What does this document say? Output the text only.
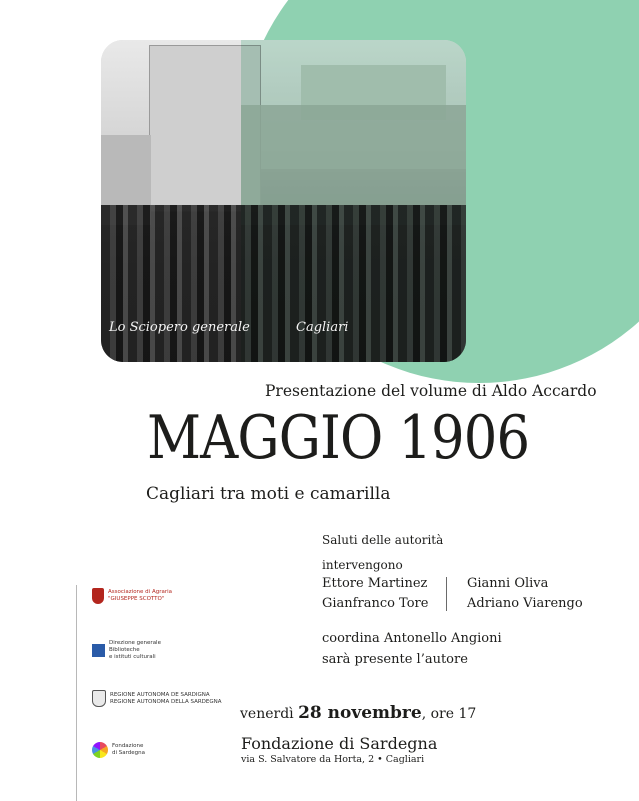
Lo Sciopero generale	Cagliari
Presentazione del volume di Aldo Accardo
MAGGIO 1906
Cagliari tra moti e camarilla
Saluti delle autorità
intervengono
Ettore Martinez
Gianfranco Tore
Gianni Oliva
Adriano Viarengo
coordina Antonello Angioni
sarà presente l’autore
venerdì 28 novembre, ore 17
Fondazione di Sardegna
via S. Salvatore da Horta, 2 • Cagliari
Associazione di Agraria
"GIUSEPPE SCOTTO"
Direzione generale
Biblioteche
e istituti culturali
REGIONE AUTONOMA DE SARDIGNA
REGIONE AUTONOMA DELLA SARDEGNA
Fondazione
di Sardegna
